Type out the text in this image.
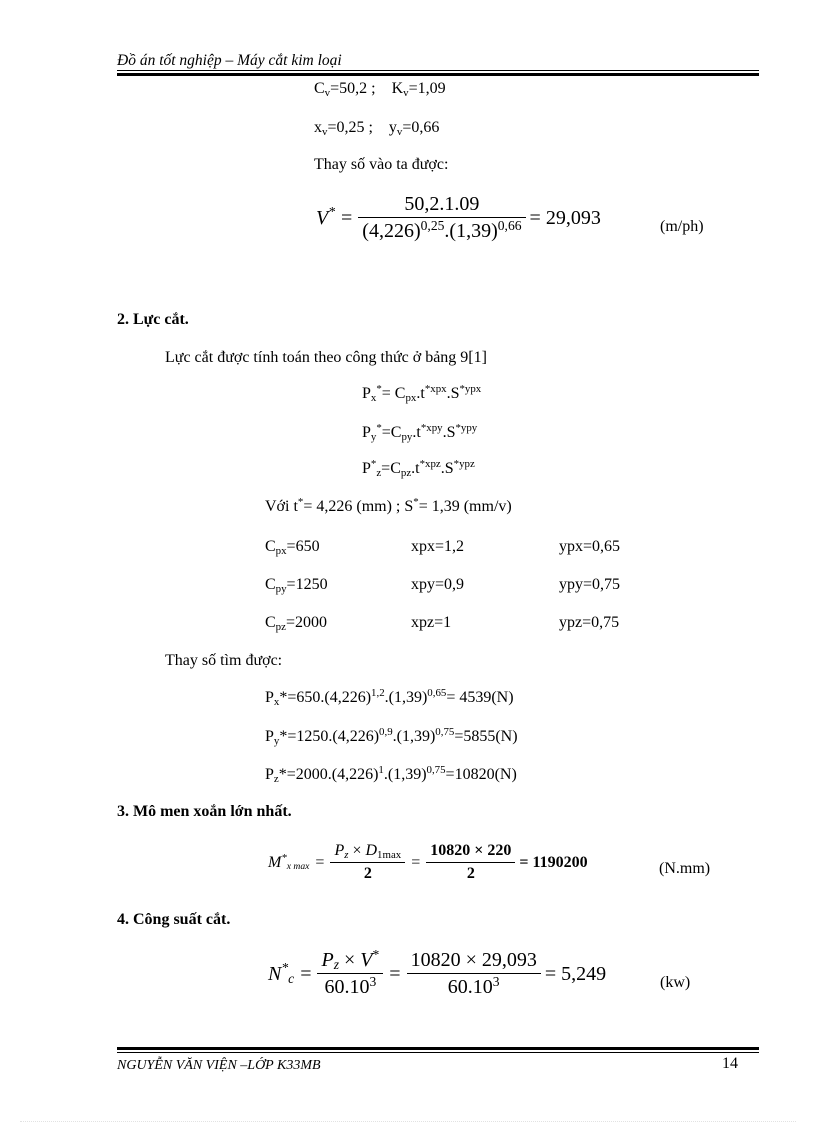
Đồ án tốt nghiệp – Máy cắt kim loại
$C_v=50,2$ ; $K_v=1,09$
$x_v=0,25$ ; $y_v=0,66$
Thay số vào ta được:
$V^* = \frac{50,2.1.09}{(4,226)^{0,25}.(1,39)^{0,66}} = 29,093$	(m/ph)
2. Lực cắt.
Lực cắt được tính toán theo công thức ở bảng 9[1]
$P_x^*= C_{px}.t^{*xpx}.S^{*ypx}$
$P_y^*=C_{py}.t^{*xpy}.S^{*ypy}$
$P^*_z=C_{pz}.t^{*xpz}.S^{*ypz}$
Với t*= 4,226 (mm) ; S*= 1,39 (mm/v)
$C_{px}=650$	xpx=1,2	ypx=0,65
$C_{py}=1250$	xpy=0,9	ypy=0,75
$C_{pz}=2000$	xpz=1	ypz=0,75
Thay số tìm được:
$P_x*=650.(4,226)^{1,2}.(1,39)^{0,65}= 4539(N)$
$P_y*=1250.(4,226)^{0,9}.(1,39)^{0,75}=5855(N)$
$P_z*=2000.(4,226)^1.(1,39)^{0,75}=10820(N)$
3. Mô men xoắn lớn nhất.
$M^*_{x max} = \frac{P_z \times D_{1max}}{2} = \frac{10820 \times 220}{2} = 1190200$	(N.mm)
4. Công suất cắt.
$N^*_c = \frac{P_z \times V^*}{60.10^3} = \frac{10820 \times 29,093}{60.10^3} = 5,249$	(kw)
NGUYỄN VĂN VIỆN –LỚP K33MB	14
